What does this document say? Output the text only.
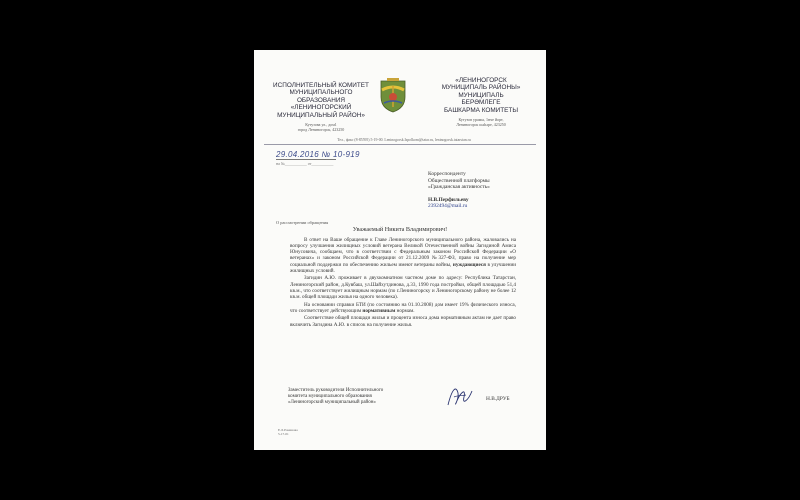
ИСПОЛНИТЕЛЬНЫЙ КОМИТЕТ
МУНИЦИПАЛЬНОГО
ОБРАЗОВАНИЯ
«ЛЕНИНОГОРСКИЙ
МУНИЦИПАЛЬНЫЙ РАЙОН»
Кутузова ул., дом1
город Лениногорск, 423250
«ЛЕНИНОГОРСК
МУНИЦИПАЛЬ РАЙОНЫ»
МУНИЦИПАЛЬ
БЕРӘМЛЕГЕ
БАШКАРМА КОМИТЕТЫ
Кутузов урамы, 1нче йорт,
Лениногорск шәһәре, 423250
Тел., факс (8-85595) 5-19-00. Leninogorsk.Ispolkom@tatar.ru, leninogorsk.tatarstan.ru
29.04.2016 № 10-919
на №___________ от___________
Корреспонденту
Общественной платформы
«Гражданская активность»
Н.В.Перфильеву
2392494@mail.ru
О рассмотрении обращения
Уважаемый Никита Владимирович!

В ответ на Ваше обращение к Главе Лениногорского муниципального района, жаловались на вопросу улучшения жилищных условий ветерана Великой Отечественной войны Загидиной Амиса Юнусовича, сообщаем, что в соответствии с Федеральным законом Российской Федерации «О ветеранах» и законом Российской Федерации от 21.12.2009 №327-ФЗ, право на получение мер социальной поддержки по обеспечению жильем имеют ветераны войны, нуждающиеся в улучшении жилищных условий.

Загидин А.Ю. проживает в двухкомнатном частном доме по адресу: Республика Татарстан, Лениногорский район, д.Кувбаш, ул.Шайхутдинова, д.33, 1990 года постройки, общей площадью 51,4 кв.м., что соответствует жилищным нормам (по г.Лениногорску и Лениногорскому району не более 12 кв.м. общей площади жилья на одного человека).

На основании справки БТИ (по состоянию на 01.10.2008) дом имеет 19% физического износа, что соответствует действующим нормативным нормам.

Соответствие общей площади жилья и процента износа дома нормативным актам не дает право включить Загидина А.Ю. в список на получение жилья.

Заместитель руководителя Исполнительного
комитета муниципального образования
«Лениногорский муниципальный район»
Н.В.ДРУБ
Е.Л.Романова
5-17-01
